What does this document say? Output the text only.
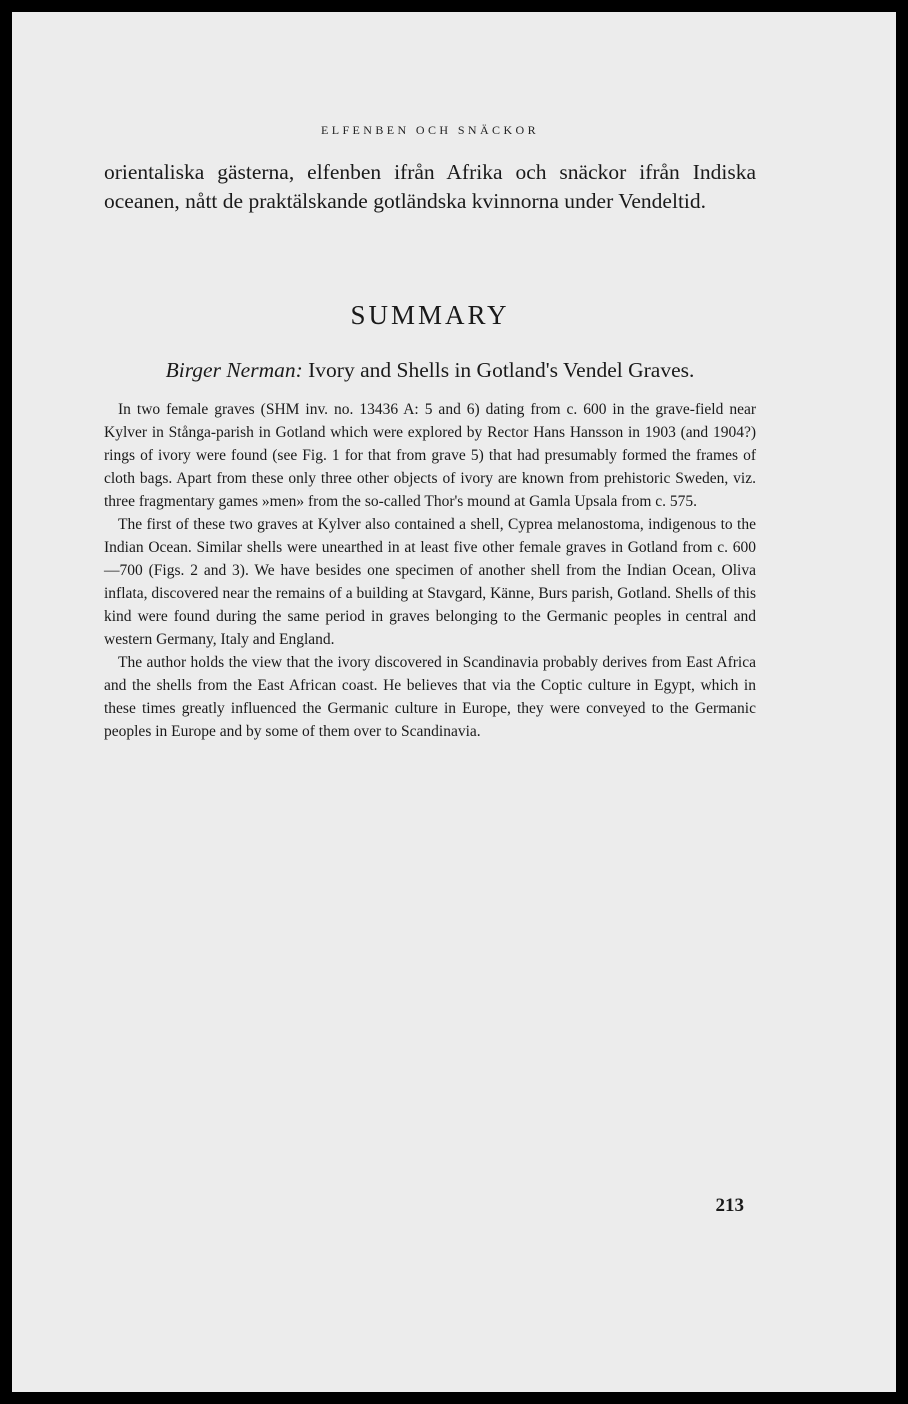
ELFENBEN OCH SNÄCKOR

orientaliska gästerna, elfenben ifrån Afrika och snäckor ifrån Indiska oceanen, nått de praktälskande gotländska kvinnorna under Vendeltid.

SUMMARY

Birger Nerman: Ivory and Shells in Gotland's Vendel Graves.

In two female graves (SHM inv. no. 13436 A: 5 and 6) dating from c. 600 in the grave-field near Kylver in Stånga-parish in Gotland which were explored by Rector Hans Hansson in 1903 (and 1904?) rings of ivory were found (see Fig. 1 for that from grave 5) that had presumably formed the frames of cloth bags. Apart from these only three other objects of ivory are known from prehistoric Sweden, viz. three fragmentary games »men» from the so-called Thor's mound at Gamla Upsala from c. 575.

The first of these two graves at Kylver also contained a shell, Cyprea melanostoma, indigenous to the Indian Ocean. Similar shells were unearthed in at least five other female graves in Gotland from c. 600—700 (Figs. 2 and 3). We have besides one specimen of another shell from the Indian Ocean, Oliva inflata, discovered near the remains of a building at Stavgard, Känne, Burs parish, Gotland. Shells of this kind were found during the same period in graves belonging to the Germanic peoples in central and western Germany, Italy and England.

The author holds the view that the ivory discovered in Scandinavia probably derives from East Africa and the shells from the East African coast. He believes that via the Coptic culture in Egypt, which in these times greatly influenced the Germanic culture in Europe, they were conveyed to the Germanic peoples in Europe and by some of them over to Scandinavia.

213
